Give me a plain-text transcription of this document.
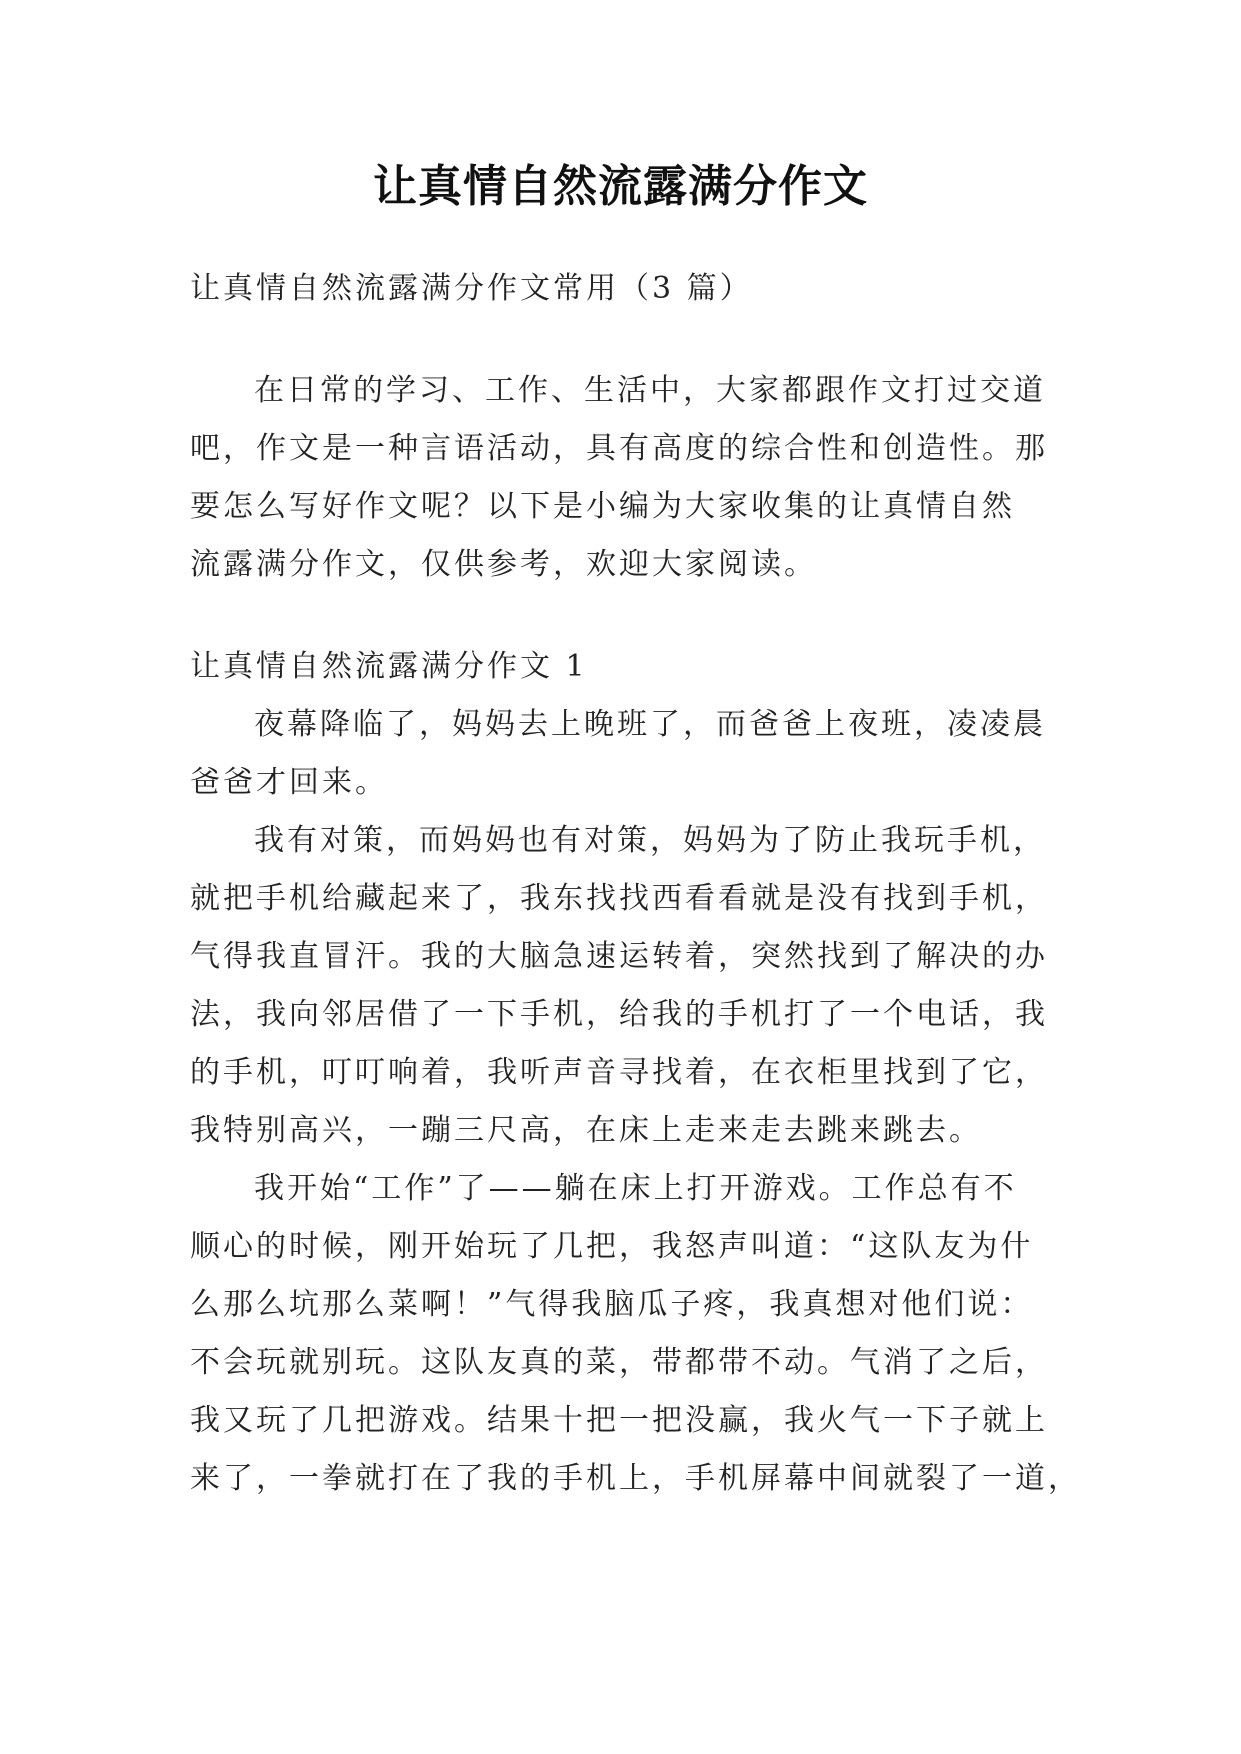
让真情自然流露满分作文
让真情自然流露满分作文常用（3 篇）
在日常的学习、工作、生活中，大家都跟作文打过交道
吧，作文是一种言语活动，具有高度的综合性和创造性。那
要怎么写好作文呢？以下是小编为大家收集的让真情自然
流露满分作文，仅供参考，欢迎大家阅读。
让真情自然流露满分作文 1
夜幕降临了，妈妈去上晚班了，而爸爸上夜班，凌凌晨
爸爸才回来。
我有对策，而妈妈也有对策，妈妈为了防止我玩手机，
就把手机给藏起来了，我东找找西看看就是没有找到手机，
气得我直冒汗。我的大脑急速运转着，突然找到了解决的办
法，我向邻居借了一下手机，给我的手机打了一个电话，我
的手机，叮叮响着，我听声音寻找着，在衣柜里找到了它，
我特别高兴，一蹦三尺高，在床上走来走去跳来跳去。
我开始“工作”了——躺在床上打开游戏。工作总有不
顺心的时候，刚开始玩了几把，我怒声叫道：“这队友为什
么那么坑那么菜啊！”气得我脑瓜子疼，我真想对他们说：
不会玩就别玩。这队友真的菜，带都带不动。气消了之后，
我又玩了几把游戏。结果十把一把没赢，我火气一下子就上
来了，一拳就打在了我的手机上，手机屏幕中间就裂了一道，
